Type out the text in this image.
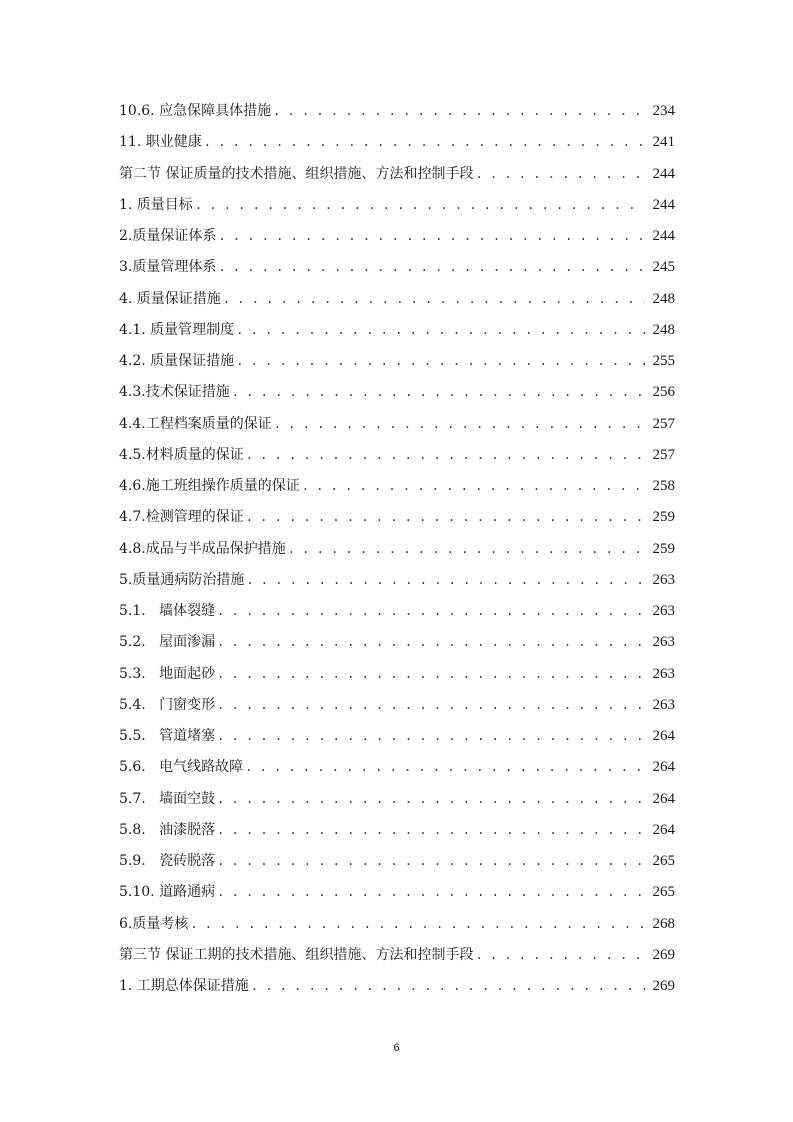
10.6. 应急保障具体措施 . . .	234
11. 职业健康 . . .	241
第二节 保证质量的技术措施、组织措施、方法和控制手段 . . .	244
1. 质量目标 . . .	244
2.质量保证体系 . . .	244
3.质量管理体系 . . .	245
4. 质量保证措施 . . .	248
4.1. 质量管理制度 . . .	248
4.2. 质量保证措施 . . .	255
4.3.技术保证措施 . . .	256
4.4.工程档案质量的保证 . . .	257
4.5.材料质量的保证 . . .	257
4.6.施工班组操作质量的保证 . . .	258
4.7.检测管理的保证 . . .	259
4.8.成品与半成品保护措施 . . .	259
5.质量通病防治措施 . . .	263
5.1.   墙体裂缝 . . .	263
5.2.   屋面渗漏 . . .	263
5.3.   地面起砂 . . .	263
5.4.   门窗变形 . . .	263
5.5.   管道堵塞 . . .	264
5.6.   电气线路故障 . . .	264
5.7.   墙面空鼓 . . .	264
5.8.   油漆脱落 . . .	264
5.9.   瓷砖脱落 . . .	265
5.10. 道路通病 . . .	265
6.质量考核 . . .	268
第三节 保证工期的技术措施、组织措施、方法和控制手段 . . .	269
1. 工期总体保证措施 . . .	269
6
